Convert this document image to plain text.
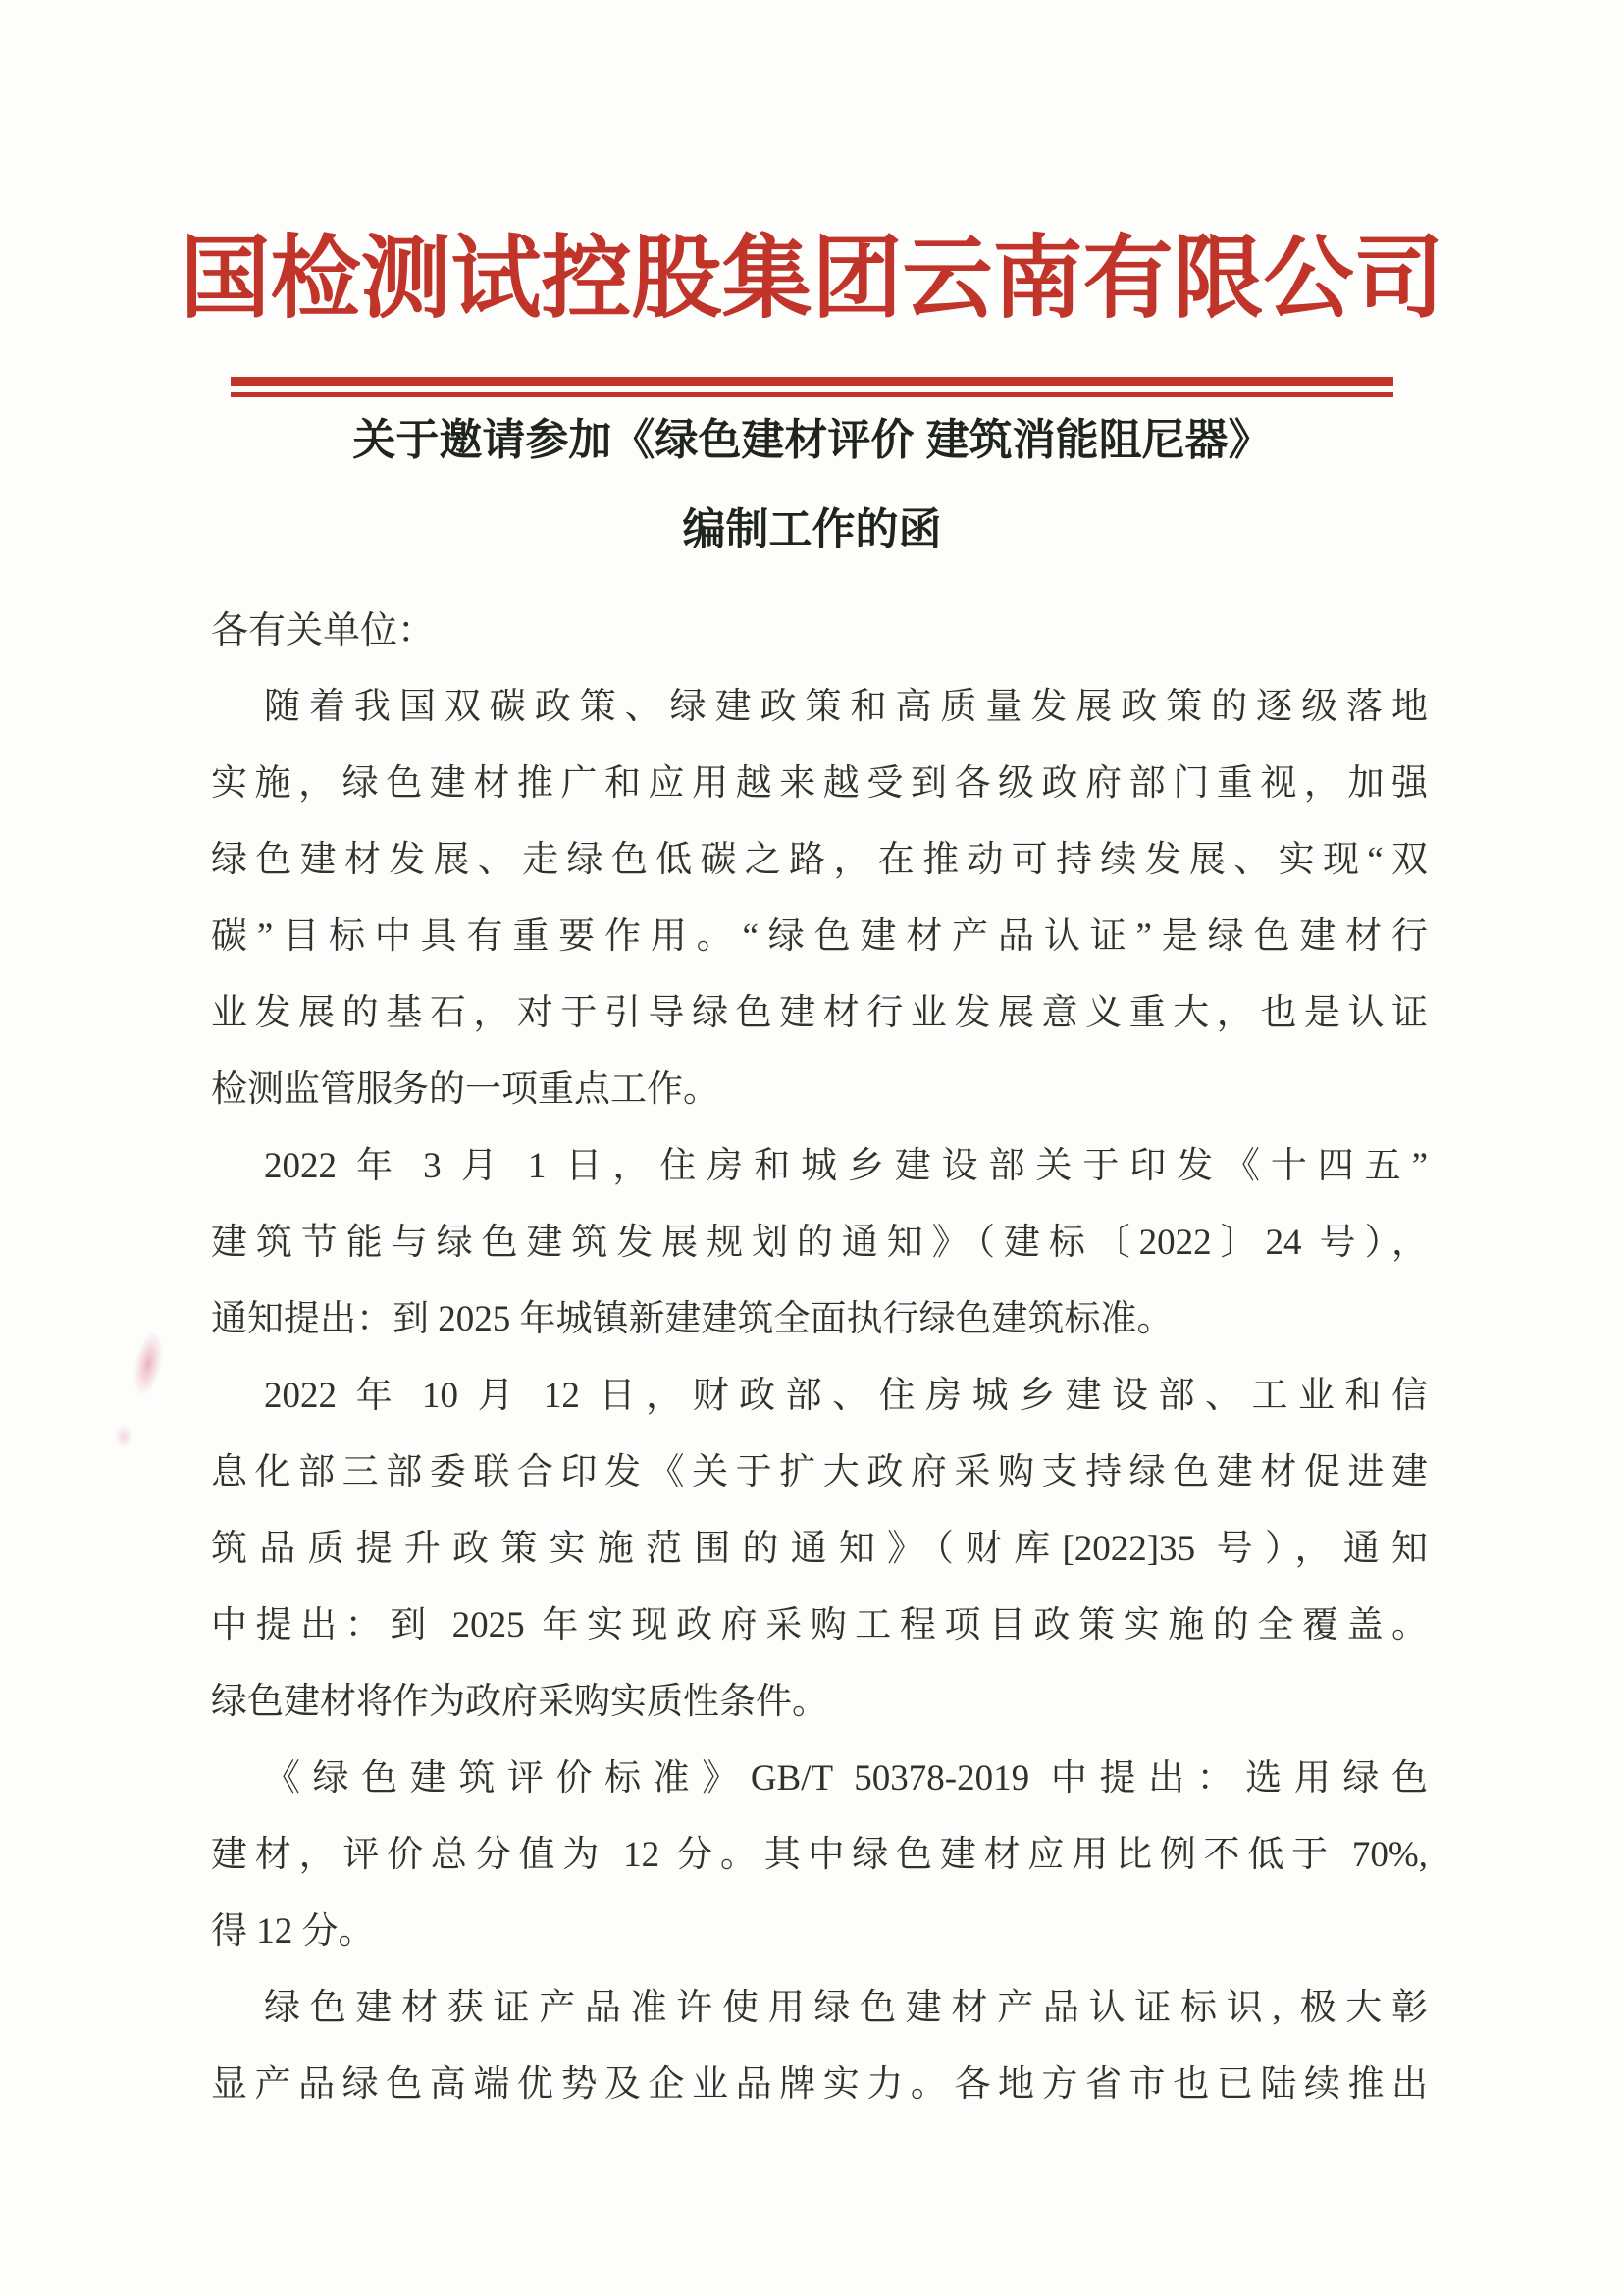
国检测试控股集团云南有限公司
关于邀请参加《绿色建材评价 建筑消能阻尼器》
编制工作的函
各有关单位：
随着我国双碳政策、绿建政策和高质量发展政策的逐级落地
实施，绿色建材推广和应用越来越受到各级政府部门重视，加强
绿色建材发展、走绿色低碳之路，在推动可持续发展、实现“双
碳”目标中具有重要作用。“绿色建材产品认证”是绿色建材行
业发展的基石，对于引导绿色建材行业发展意义重大，也是认证
检测监管服务的一项重点工作。
2022 年 3 月 1 日，住房和城乡建设部关于印发《十四五”
建筑节能与绿色建筑发展规划的通知》（建标〔2022〕24 号），
通知提出：到 2025 年城镇新建建筑全面执行绿色建筑标准。
2022 年 10 月 12 日，财政部、住房城乡建设部、工业和信
息化部三部委联合印发《关于扩大政府采购支持绿色建材促进建
筑品质提升政策实施范围的通知》（财库[2022]35 号），通知
中提出：到 2025 年实现政府采购工程项目政策实施的全覆盖。
绿色建材将作为政府采购实质性条件。
《绿色建筑评价标准》GB/T 50378-2019 中提出：选用绿色
建材，评价总分值为 12 分。其中绿色建材应用比例不低于 70%,
得 12 分。
绿色建材获证产品准许使用绿色建材产品认证标识, 极大彰
显产品绿色高端优势及企业品牌实力。各地方省市也已陆续推出
